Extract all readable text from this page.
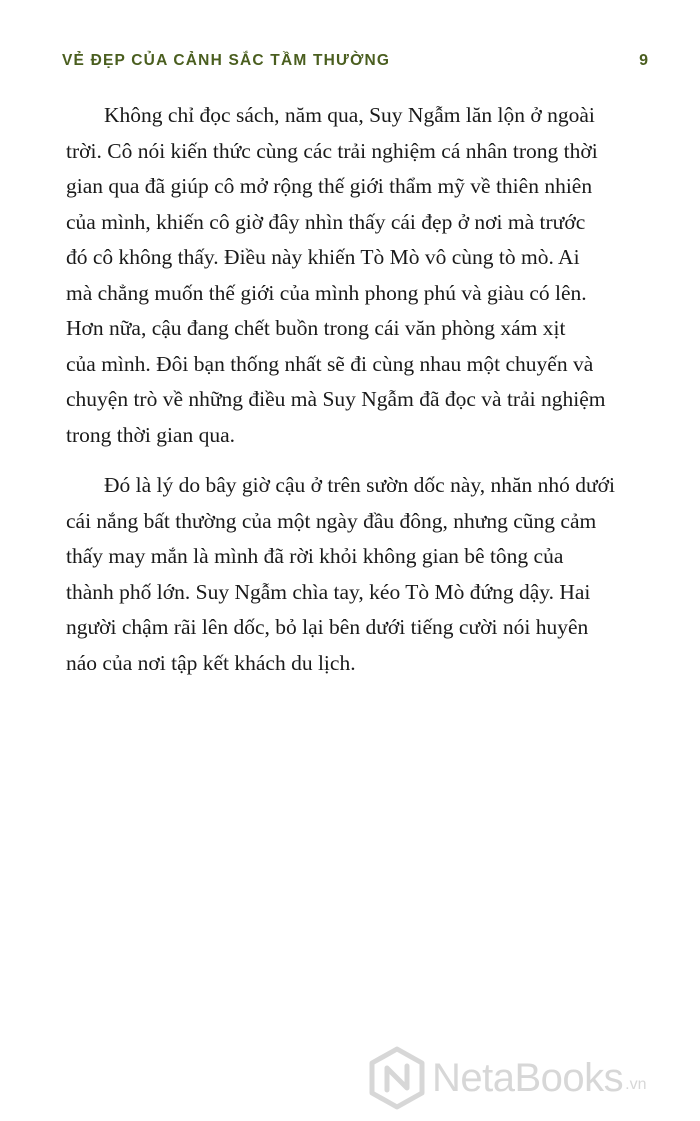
VẺ ĐẸP CỦA CẢNH SẮC TẦM THƯỜNG	9

Không chỉ đọc sách, năm qua, Suy Ngẫm lăn lộn ở ngoài
trời. Cô nói kiến thức cùng các trải nghiệm cá nhân trong thời
gian qua đã giúp cô mở rộng thế giới thẩm mỹ về thiên nhiên
của mình, khiến cô giờ đây nhìn thấy cái đẹp ở nơi mà trước
đó cô không thấy. Điều này khiến Tò Mò vô cùng tò mò. Ai
mà chẳng muốn thế giới của mình phong phú và giàu có lên.
Hơn nữa, cậu đang chết buồn trong cái văn phòng xám xịt
của mình. Đôi bạn thống nhất sẽ đi cùng nhau một chuyến và
chuyện trò về những điều mà Suy Ngẫm đã đọc và trải nghiệm
trong thời gian qua.

Đó là lý do bây giờ cậu ở trên sườn dốc này, nhăn nhó dưới
cái nắng bất thường của một ngày đầu đông, nhưng cũng cảm
thấy may mắn là mình đã rời khỏi không gian bê tông của
thành phố lớn. Suy Ngẫm chìa tay, kéo Tò Mò đứng dậy. Hai
người chậm rãi lên dốc, bỏ lại bên dưới tiếng cười nói huyên
náo của nơi tập kết khách du lịch.

NetaBooks .vn
